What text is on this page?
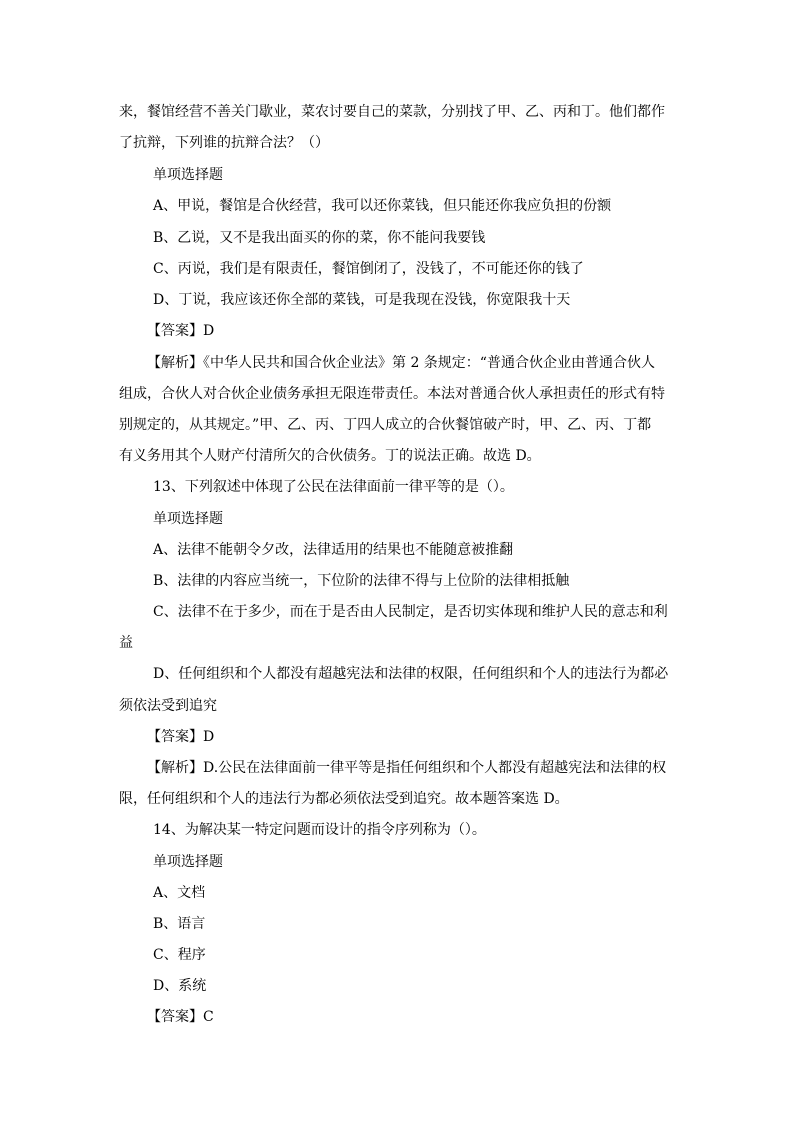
来，餐馆经营不善关门歇业，菜农讨要自己的菜款，分别找了甲、乙、丙和丁。他们都作
了抗辩，下列谁的抗辩合法？（）
单项选择题
A、甲说，餐馆是合伙经营，我可以还你菜钱，但只能还你我应负担的份额
B、乙说，又不是我出面买的你的菜，你不能问我要钱
C、丙说，我们是有限责任，餐馆倒闭了，没钱了，不可能还你的钱了
D、丁说，我应该还你全部的菜钱，可是我现在没钱，你宽限我十天
【答案】D
【解析】《中华人民共和国合伙企业法》第 2 条规定：“普通合伙企业由普通合伙人
组成，合伙人对合伙企业债务承担无限连带责任。本法对普通合伙人承担责任的形式有特
别规定的，从其规定。”甲、乙、丙、丁四人成立的合伙餐馆破产时，甲、乙、丙、丁都
有义务用其个人财产付清所欠的合伙债务。丁的说法正确。故选 D。
13、下列叙述中体现了公民在法律面前一律平等的是（）。
单项选择题
A、法律不能朝令夕改，法律适用的结果也不能随意被推翻
B、法律的内容应当统一，下位阶的法律不得与上位阶的法律相抵触
C、法律不在于多少，而在于是否由人民制定，是否切实体现和维护人民的意志和利
益
D、任何组织和个人都没有超越宪法和法律的权限，任何组织和个人的违法行为都必
须依法受到追究
【答案】D
【解析】D.公民在法律面前一律平等是指任何组织和个人都没有超越宪法和法律的权
限，任何组织和个人的违法行为都必须依法受到追究。故本题答案选 D。
14、为解决某一特定问题而设计的指令序列称为（）。
单项选择题
A、文档
B、语言
C、程序
D、系统
【答案】C
